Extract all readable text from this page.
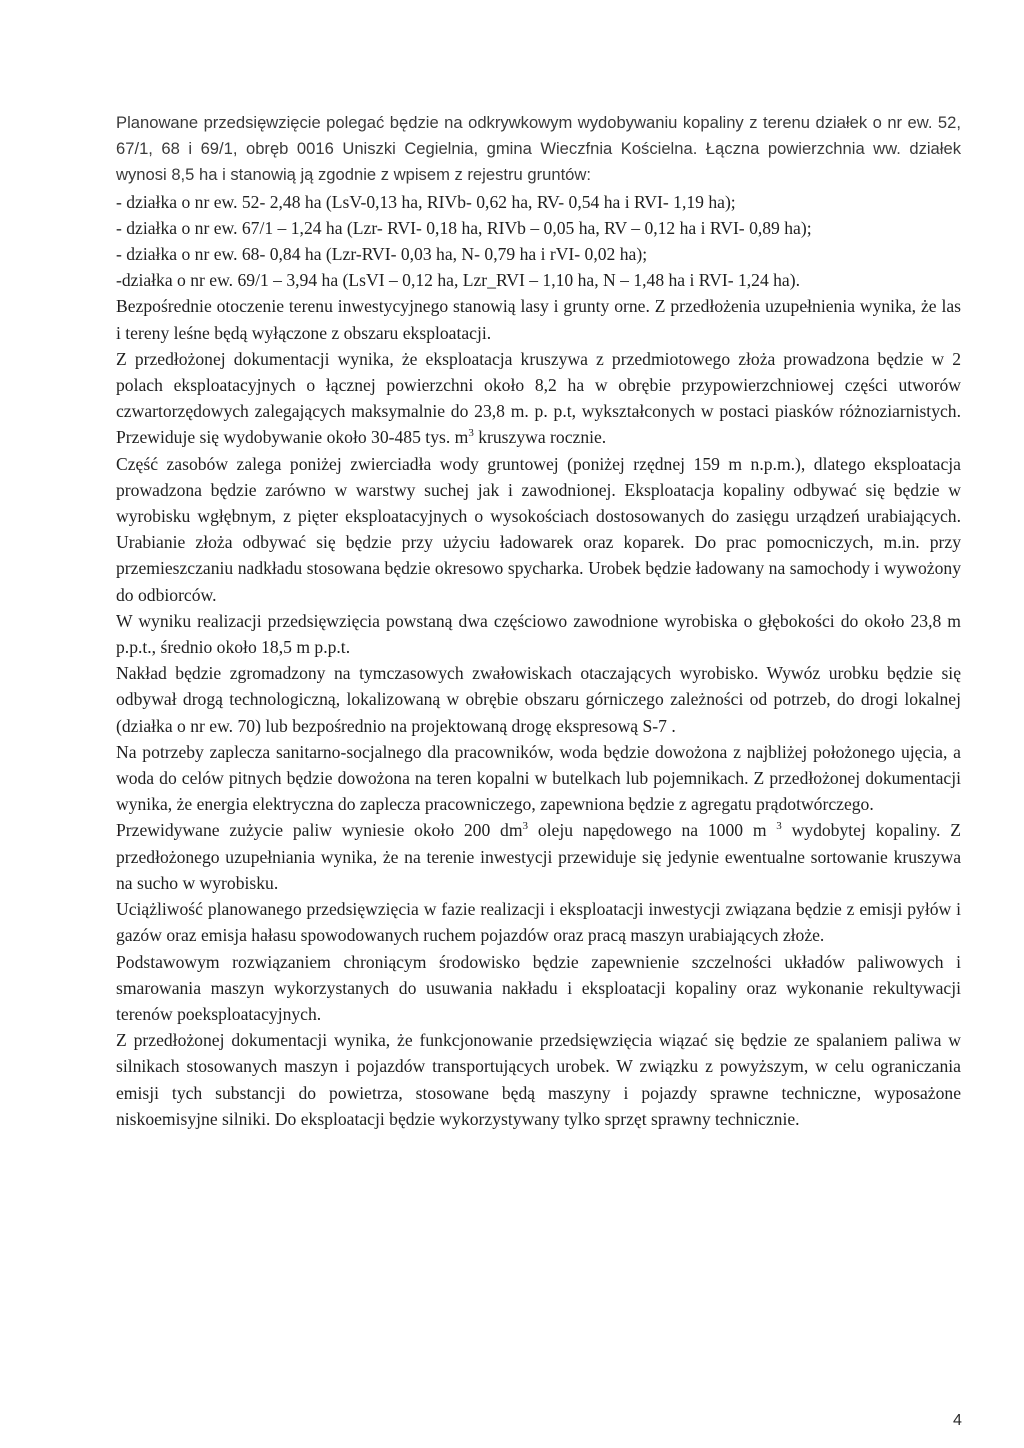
Planowane przedsięwzięcie polegać będzie na odkrywkowym wydobywaniu kopaliny z terenu działek o nr ew. 52, 67/1, 68 i 69/1, obręb 0016 Uniszki Cegielnia, gmina Wieczfnia Kościelna. Łączna powierzchnia ww. działek wynosi 8,5 ha i stanowią ją zgodnie z wpisem z rejestru gruntów:

- działka o nr ew. 52- 2,48 ha (LsV-0,13 ha, RIVb- 0,62 ha, RV- 0,54 ha i RVI- 1,19 ha);

- działka o nr ew. 67/1 – 1,24 ha (Lzr- RVI- 0,18 ha, RIVb – 0,05 ha, RV – 0,12 ha i RVI- 0,89 ha);

- działka o nr ew. 68- 0,84 ha (Lzr-RVI- 0,03 ha, N- 0,79 ha i rVI- 0,02 ha);

-działka o nr ew. 69/1 – 3,94 ha (LsVI – 0,12 ha, Lzr_RVI – 1,10 ha, N – 1,48 ha i RVI- 1,24 ha).

Bezpośrednie otoczenie terenu inwestycyjnego stanowią lasy i grunty orne. Z przedłożenia uzupełnienia wynika, że las i tereny leśne będą wyłączone z obszaru eksploatacji.

Z przedłożonej dokumentacji wynika, że eksploatacja kruszywa z przedmiotowego złoża prowadzona będzie w 2 polach eksploatacyjnych o łącznej powierzchni około 8,2 ha w obrębie przypowierzchniowej części utworów czwartorzędowych zalegających maksymalnie do 23,8 m. p. p.t, wykształconych w postaci piasków różnoziarnistych. Przewiduje się wydobywanie około 30-485 tys. $m^3$ kruszywa rocznie.

Część zasobów zalega poniżej zwierciadła wody gruntowej (poniżej rzędnej 159 m n.p.m.), dlatego eksploatacja prowadzona będzie zarówno w warstwy suchej jak i zawodnionej. Eksploatacja kopaliny odbywać się będzie w wyrobisku wgłębnym, z pięter eksploatacyjnych o wysokościach dostosowanych do zasięgu urządzeń urabiających. Urabianie złoża odbywać się będzie przy użyciu ładowarek oraz koparek. Do prac pomocniczych, m.in. przy przemieszczaniu nadkładu stosowana będzie okresowo spycharka. Urobek będzie ładowany na samochody i wywożony do odbiorców.

W wyniku realizacji przedsięwzięcia powstaną dwa częściowo zawodnione wyrobiska o głębokości do około 23,8 m p.p.t., średnio około 18,5 m p.p.t.

Nakład będzie zgromadzony na tymczasowych zwałowiskach otaczających wyrobisko. Wywóz urobku będzie się odbywał drogą technologiczną, lokalizowaną w obrębie obszaru górniczego zależności od potrzeb, do drogi lokalnej (działka o nr ew. 70) lub bezpośrednio na projektowaną drogę ekspresową S-7 .

Na potrzeby zaplecza sanitarno-socjalnego dla pracowników, woda będzie dowożona z najbliżej położonego ujęcia, a woda do celów pitnych będzie dowożona na teren kopalni w butelkach lub pojemnikach. Z przedłożonej dokumentacji wynika, że energia elektryczna do zaplecza pracowniczego, zapewniona będzie z agregatu prądotwórczego.

Przewidywane zużycie paliw wyniesie około 200 $dm^3$ oleju napędowego na 1000 m $^3$ wydobytej kopaliny. Z przedłożonego uzupełniania wynika, że na terenie inwestycji przewiduje się jedynie ewentualne sortowanie kruszywa na sucho w wyrobisku.

Uciążliwość planowanego przedsięwzięcia w fazie realizacji i eksploatacji inwestycji związana będzie z emisji pyłów i gazów oraz emisja hałasu spowodowanych ruchem pojazdów oraz pracą maszyn urabiających złoże.

Podstawowym rozwiązaniem chroniącym środowisko będzie zapewnienie szczelności układów paliwowych i smarowania maszyn wykorzystanych do usuwania nakładu i eksploatacji kopaliny oraz wykonanie rekultywacji terenów poeksploatacyjnych.

Z przedłożonej dokumentacji wynika, że funkcjonowanie przedsięwzięcia wiązać się będzie ze spalaniem paliwa w silnikach stosowanych maszyn i pojazdów transportujących urobek. W związku z powyższym, w celu ograniczania emisji tych substancji do powietrza, stosowane będą maszyny i pojazdy sprawne techniczne, wyposażone niskoemisyjne silniki. Do eksploatacji będzie wykorzystywany tylko sprzęt sprawny technicznie.

4
